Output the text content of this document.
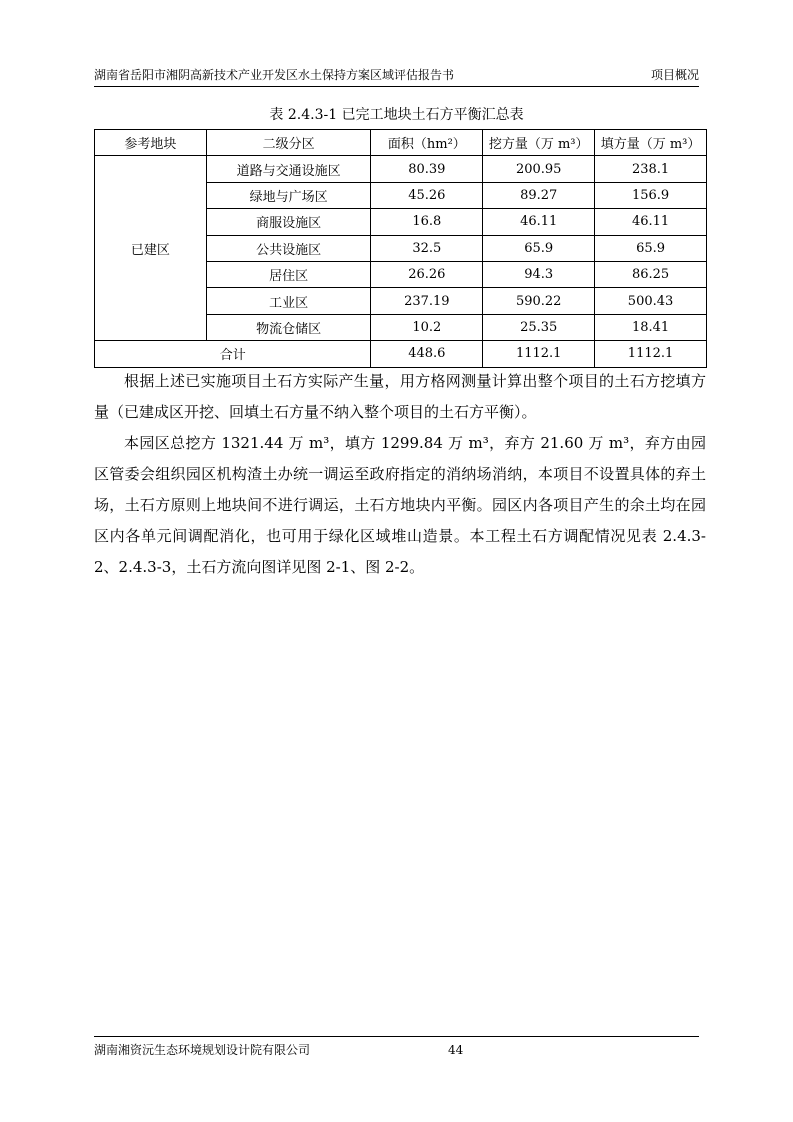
湖南省岳阳市湘阴高新技术产业开发区水土保持方案区域评估报告书	项目概况
表 2.4.3-1 已完工地块土石方平衡汇总表
参考地块	二级分区	面积（hm²）	挖方量（万 m³）	填方量（万 m³）
已建区	道路与交通设施区	80.39	200.95	238.1
	绿地与广场区	45.26	89.27	156.9
	商服设施区	16.8	46.11	46.11
	公共设施区	32.5	65.9	65.9
	居住区	26.26	94.3	86.25
	工业区	237.19	590.22	500.43
	物流仓储区	10.2	25.35	18.41
合计		448.6	1112.1	1112.1

根据上述已实施项目土石方实际产生量，用方格网测量计算出整个项目的土石方挖填方量（已建成区开挖、回填土石方量不纳入整个项目的土石方平衡）。

本园区总挖方 1321.44 万 m³，填方 1299.84 万 m³，弃方 21.60 万 m³，弃方由园区管委会组织园区机构渣土办统一调运至政府指定的消纳场消纳，本项目不设置具体的弃土场，土石方原则上地块间不进行调运，土石方地块内平衡。园区内各项目产生的余土均在园区内各单元间调配消化，也可用于绿化区域堆山造景。本工程土石方调配情况见表 2.4.3-2、2.4.3-3，土石方流向图详见图 2-1、图 2-2。

湖南湘资沅生态环境规划设计院有限公司	44
